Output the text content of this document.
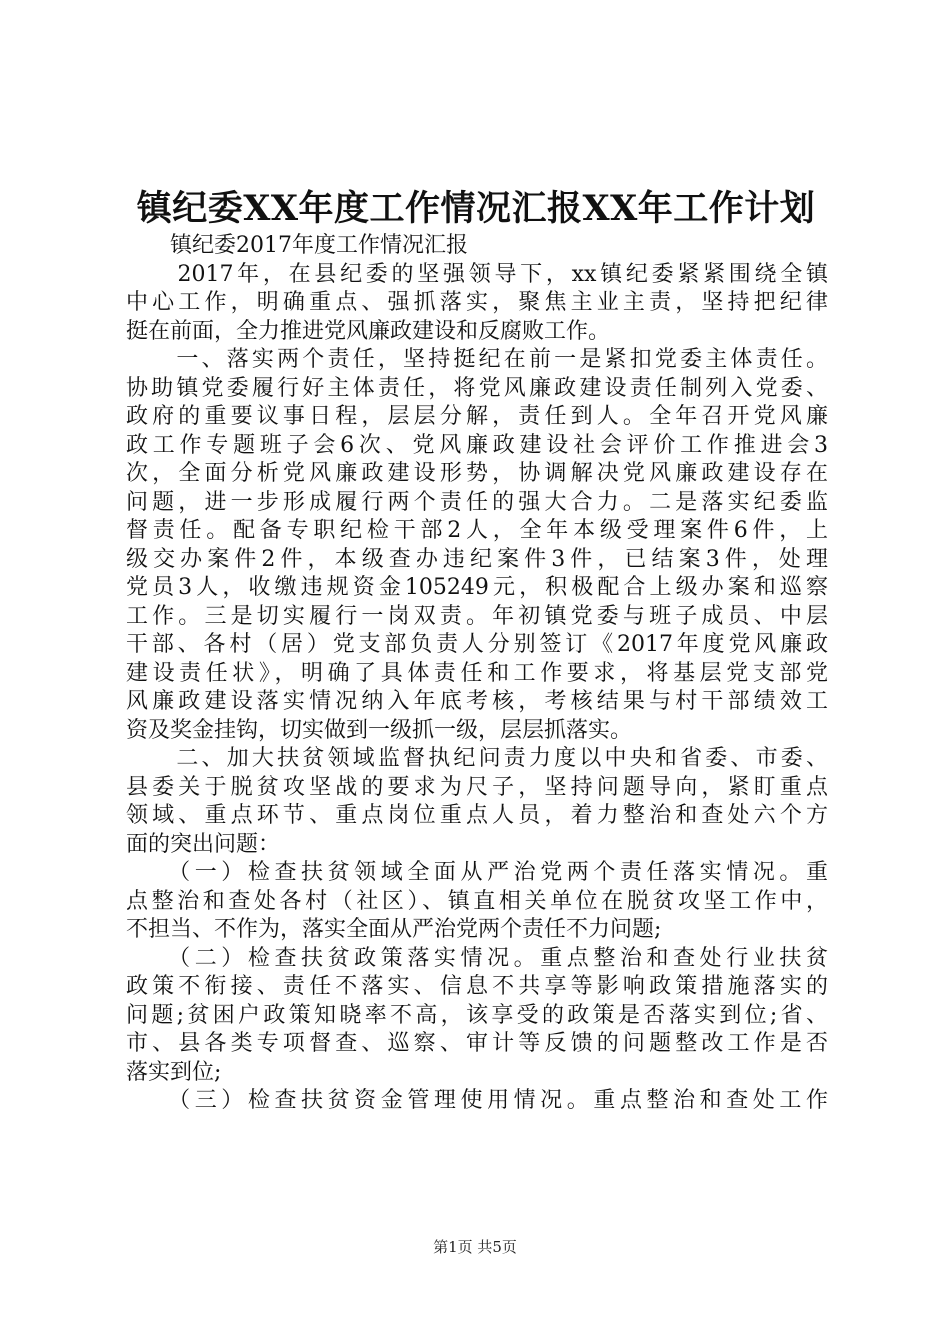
镇纪委XX年度工作情况汇报XX年工作计划
　　镇纪委2017年度工作情况汇报
　　2017年，在县纪委的坚强领导下，xx镇纪委紧紧围绕全镇
中心工作，明确重点、强抓落实，聚焦主业主责，坚持把纪律
挺在前面，全力推进党风廉政建设和反腐败工作。
　　一、落实两个责任，坚持挺纪在前一是紧扣党委主体责任。
协助镇党委履行好主体责任，将党风廉政建设责任制列入党委、
政府的重要议事日程，层层分解，责任到人。全年召开党风廉
政工作专题班子会6次、党风廉政建设社会评价工作推进会3
次，全面分析党风廉政建设形势，协调解决党风廉政建设存在
问题，进一步形成履行两个责任的强大合力。二是落实纪委监
督责任。配备专职纪检干部2人，全年本级受理案件6件，上
级交办案件2件，本级查办违纪案件3件，已结案3件，处理
党员3人，收缴违规资金105249元，积极配合上级办案和巡察
工作。三是切实履行一岗双责。年初镇党委与班子成员、中层
干部、各村（居）党支部负责人分别签订《2017年度党风廉政
建设责任状》，明确了具体责任和工作要求，将基层党支部党
风廉政建设落实情况纳入年底考核，考核结果与村干部绩效工
资及奖金挂钩，切实做到一级抓一级，层层抓落实。
　　二、加大扶贫领域监督执纪问责力度以中央和省委、市委、
县委关于脱贫攻坚战的要求为尺子，坚持问题导向，紧盯重点
领域、重点环节、重点岗位重点人员，着力整治和查处六个方
面的突出问题：
　　（一）检查扶贫领域全面从严治党两个责任落实情况。重
点整治和查处各村（社区）、镇直相关单位在脱贫攻坚工作中，
不担当、不作为，落实全面从严治党两个责任不力问题;
　　（二）检查扶贫政策落实情况。重点整治和查处行业扶贫
政策不衔接、责任不落实、信息不共享等影响政策措施落实的
问题;贫困户政策知晓率不高，该享受的政策是否落实到位;省、
市、县各类专项督查、巡察、审计等反馈的问题整改工作是否
落实到位;
　　（三）检查扶贫资金管理使用情况。重点整治和查处工作
第1页 共5页
